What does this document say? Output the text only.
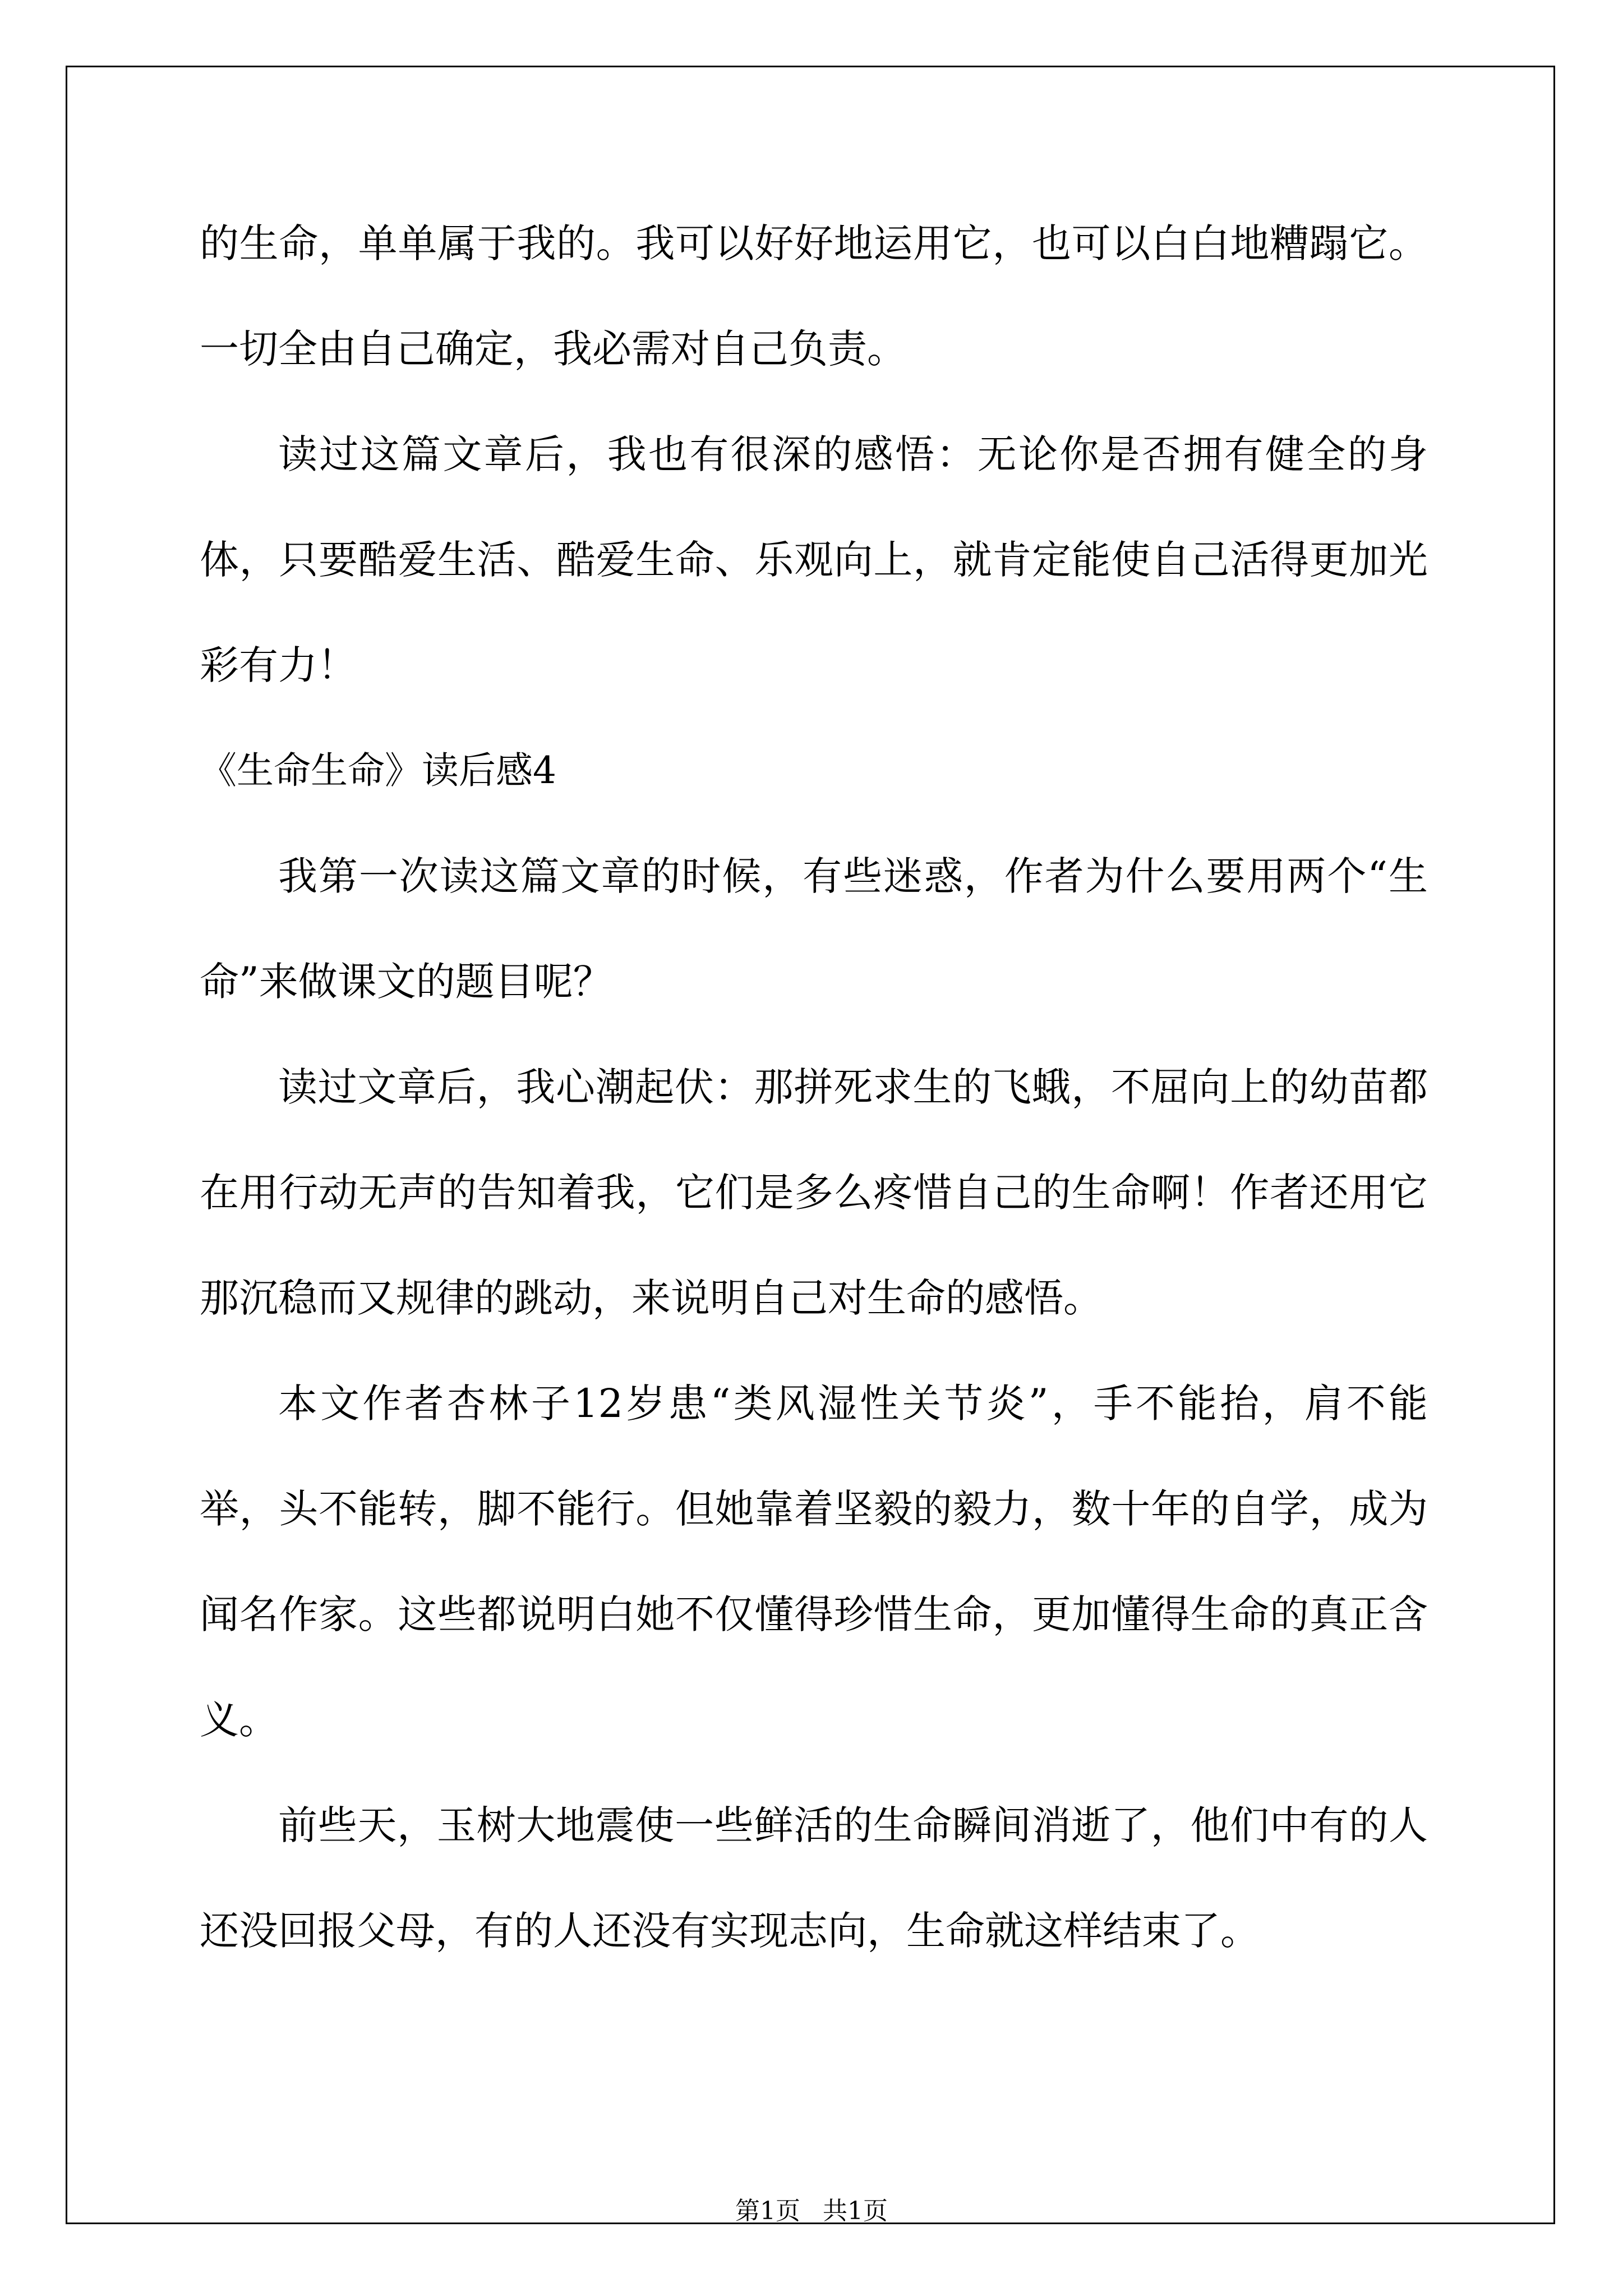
的生命，单单属于我的。我可以好好地运用它，也可以白白地糟蹋它。一切全由自己确定，我必需对自己负责。

读过这篇文章后，我也有很深的感悟：无论你是否拥有健全的身体，只要酷爱生活、酷爱生命、乐观向上，就肯定能使自己活得更加光彩有力！

《生命生命》读后感4

我第一次读这篇文章的时候，有些迷惑，作者为什么要用两个“生命”来做课文的题目呢？

读过文章后，我心潮起伏：那拼死求生的飞蛾，不屈向上的幼苗都在用行动无声的告知着我，它们是多么疼惜自己的生命啊！作者还用它那沉稳而又规律的跳动，来说明自己对生命的感悟。

本文作者杏林子12岁患“类风湿性关节炎”，手不能抬，肩不能举，头不能转，脚不能行。但她靠着坚毅的毅力，数十年的自学，成为闻名作家。这些都说明白她不仅懂得珍惜生命，更加懂得生命的真正含义。

前些天，玉树大地震使一些鲜活的生命瞬间消逝了，他们中有的人还没回报父母，有的人还没有实现志向，生命就这样结束了。

第1页 共1页
